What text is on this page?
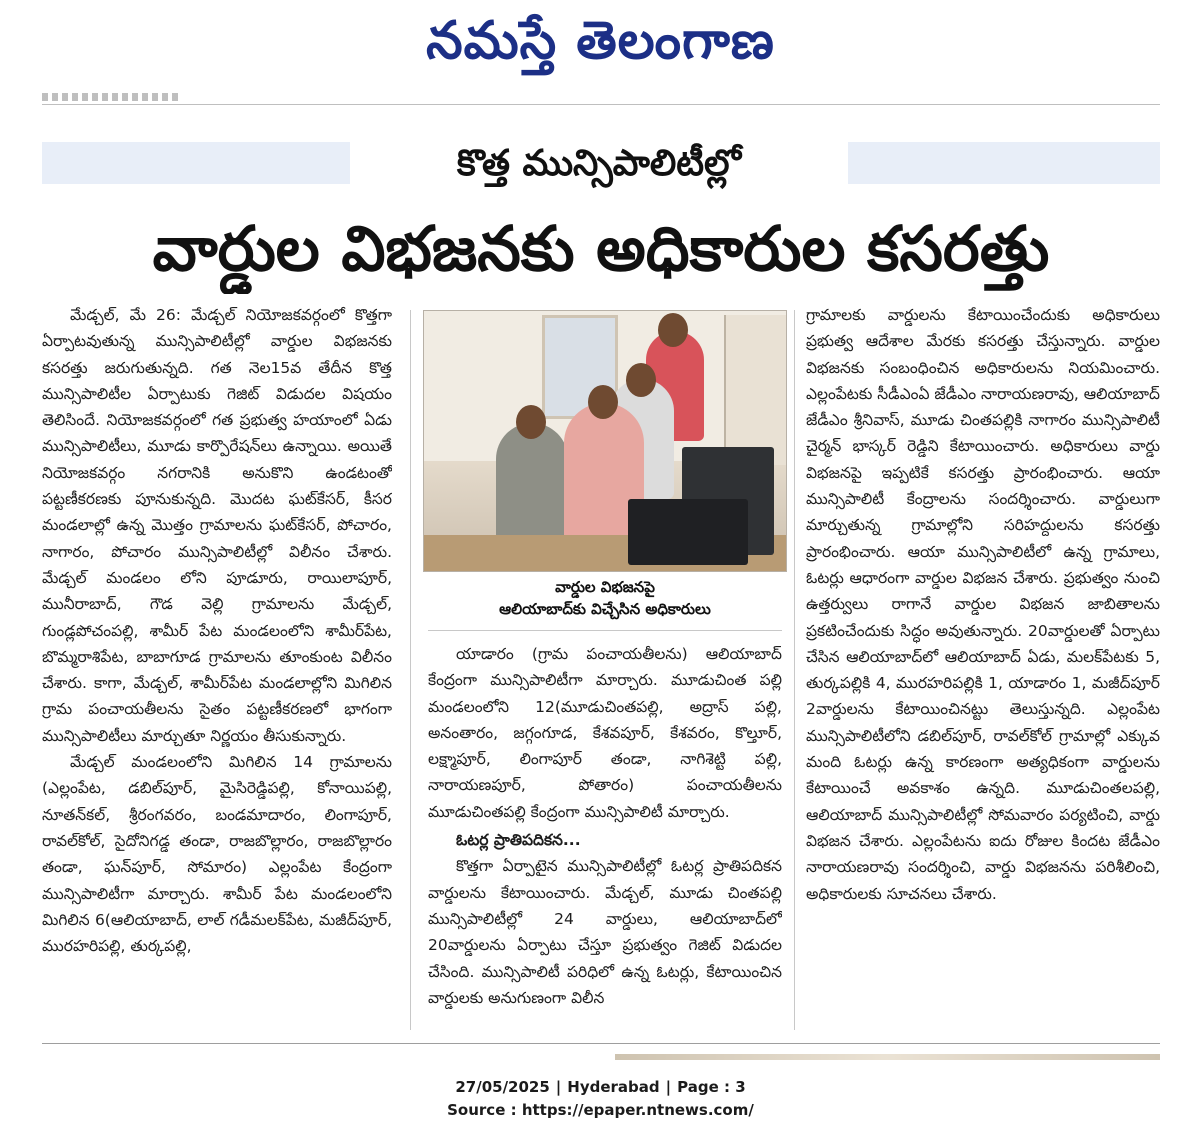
నమస్తే తెలంగాణ
కొత్త మున్సిపాలిటీల్లో
వార్డుల విభజనకు అధికారుల కసరత్తు

మేడ్చల్‌, మే 26: మేడ్చల్‌ నియోజకవర్గంలో కొత్తగా ఏర్పాటవుతున్న మున్సిపాలిటీల్లో వార్డుల విభజనకు కసరత్తు జరుగుతున్నది. గత నెల15వ తేదీన కొత్త మున్సిపాలిటీల ఏర్పాటుకు గెజిట్‌ విడుదల విషయం తెలిసిందే. నియోజకవర్గంలో గత ప్రభుత్వ హయాంలో ఏడు మున్సిపాలిటీలు, మూడు కార్పొరేషన్‌లు ఉన్నాయి. అయితే నియోజకవర్గం నగరానికి అనుకొని ఉండటంతో పట్టణీకరణకు పూనుకున్నది. మొదట ఘట్‌కేసర్‌, కీసర మండలాల్లో ఉన్న మొత్తం గ్రామాలను ఘట్‌కేసర్‌, పోచారం, నాగారం, పోచారం మున్సిపాలిటీల్లో విలీనం చేశారు. మేడ్చల్‌ మండలం లోని పూడూరు, రాయిలాపూర్‌, మునీరాబాద్‌, గౌడ వెల్లి గ్రామాలను మేడ్చల్‌, గుండ్లపోచంపల్లి, శామీర్‌ పేట మండలంలోని శామీర్‌పేట, బొమ్మరాశిపేట, బాబాగూడ గ్రామాలను తూంకుంట విలీనం చేశారు. కాగా, మేడ్చల్‌, శామీర్‌పేట మండలాల్లోని మిగిలిన గ్రామ పంచాయతీలను సైతం పట్టణీకరణలో భాగంగా మున్సిపాలిటీలు మార్చుతూ నిర్ణయం తీసుకున్నారు.

మేడ్చల్‌ మండలంలోని మిగిలిన 14 గ్రామాలను (ఎల్లంపేట, డబిల్‌పూర్‌, మైసిరెడ్డిపల్లి, కోనాయిపల్లి, నూతన్‌కల్‌, శ్రీరంగవరం, బండమాదారం, లింగాపూర్‌, రావల్‌కోల్‌, సైదోనిగడ్డ తండా, రాజబొల్లారం, రాజబొల్లారం తండా, ఘన్‌పూర్‌, సోమారం) ఎల్లంపేట కేంద్రంగా మున్సిపాలిటీగా మార్చారు. శామీర్‌ పేట మండలంలోని మిగిలిన 6(ఆలియాబాద్‌, లాల్‌ గడీమలక్‌పేట, మజీద్‌పూర్‌, మురహరిపల్లి, తుర్కపల్లి,

వార్డుల విభజనపై
ఆలియాబాద్‌కు విచ్చేసిన అధికారులు

యాడారం (గ్రామ పంచాయతీలను) ఆలియాబాద్‌ కేంద్రంగా మున్సిపాలిటీగా మార్చారు. మూడుచింత పల్లి మండలంలోని 12(మూడుచింతపల్లి, అద్రాస్‌ పల్లి, అనంతారం, జగ్గంగూడ, కేశవపూర్‌, కేశవరం, కొల్తూర్‌, లక్ష్మాపూర్‌, లింగాపూర్‌ తండా, నాగిశెట్టి పల్లి, నారాయణపూర్‌, పోతారం) పంచాయతీలను మూడుచింతపల్లి కేంద్రంగా మున్సిపాలిటీ మార్చారు.

ఓటర్ల ప్రాతిపదికన...

కొత్తగా ఏర్పాటైన మున్సిపాలిటీల్లో ఓటర్ల ప్రాతిపదికన వార్డులను కేటాయించారు. మేడ్చల్‌, మూడు చింతపల్లి మున్సిపాలిటీల్లో 24 వార్డులు, ఆలియాబాద్‌లో 20వార్డులను ఏర్పాటు చేస్తూ ప్రభుత్వం గెజిట్‌ విడుదల చేసింది. మున్సిపాలిటీ పరిధిలో ఉన్న ఓటర్లు, కేటాయించిన వార్డులకు అనుగుణంగా విలీన

గ్రామాలకు వార్డులను కేటాయించేందుకు అధికారులు ప్రభుత్వ ఆదేశాల మేరకు కసరత్తు చేస్తున్నారు. వార్డుల విభజనకు సంబంధించిన అధికారులను నియమించారు. ఎల్లంపేటకు సీడీఎంఏ జేడీఎం నారాయణరావు, ఆలియాబాద్‌ జేడీఎం శ్రీనివాస్‌, మూడు చింతపల్లికి నాగారం మున్సిపాలిటీ చైర్మన్‌ భాస్కర్‌ రెడ్డిని కేటాయించారు. అధికారులు వార్డు విభజనపై ఇప్పటికే కసరత్తు ప్రారంభించారు. ఆయా మున్సిపాలిటీ కేంద్రాలను సందర్శించారు. వార్డులుగా మార్చుతున్న గ్రామాల్లోని సరిహద్దులను కసరత్తు ప్రారంభించారు. ఆయా మున్సిపాలిటీలో ఉన్న గ్రామాలు, ఓటర్లు ఆధారంగా వార్డుల విభజన చేశారు. ప్రభుత్వం నుంచి ఉత్తర్వులు రాగానే వార్డుల విభజన జాబితాలను ప్రకటించేందుకు సిద్ధం అవుతున్నారు. 20వార్డులతో ఏర్పాటు చేసిన ఆలియాబాద్‌లో ఆలియాబాద్‌ ఏడు, మలక్‌పేటకు 5, తుర్కపల్లికి 4, మురహరిపల్లికి 1, యాడారం 1, మజీద్‌పూర్‌ 2వార్డులను కేటాయించినట్టు తెలుస్తున్నది. ఎల్లంపేట మున్సిపాలిటీలోని డబిల్‌పూర్‌, రావల్‌కోల్‌ గ్రామాల్లో ఎక్కువ మంది ఓటర్లు ఉన్న కారణంగా అత్యధికంగా వార్డులను కేటాయించే అవకాశం ఉన్నది. మూడుచింతలపల్లి, ఆలియాబాద్‌ మున్సిపాలిటీల్లో సోమవారం పర్యటించి, వార్డు విభజన చేశారు. ఎల్లంపేటను ఐదు రోజుల కిందట జేడీఎం నారాయణరావు సందర్శించి, వార్డు విభజనను పరిశీలించి, అధికారులకు సూచనలు చేశారు.

27/05/2025 | Hyderabad | Page : 3
Source : https://epaper.ntnews.com/
